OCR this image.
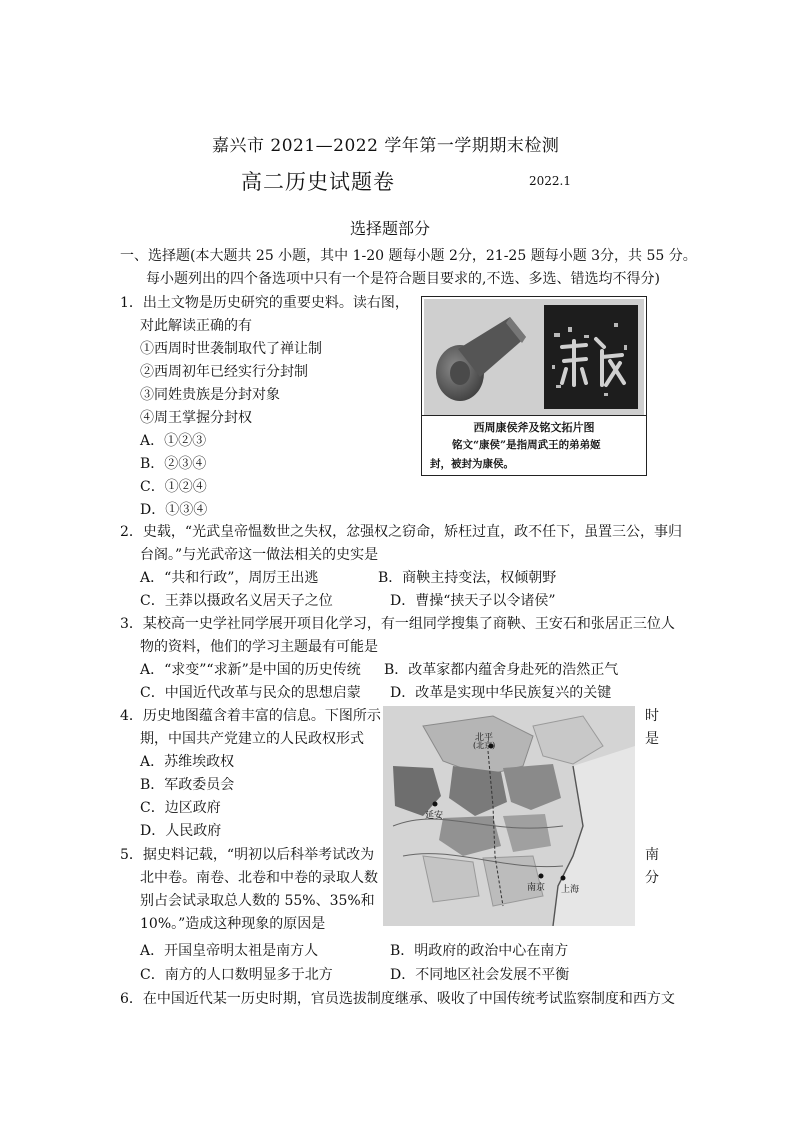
嘉兴市 2021—2022 学年第一学期期末检测
高二历史试题卷	2022.1
选择题部分
一、选择题(本大题共 25 小题，其中 1-20 题每小题 2分，21-25 题每小题 3分，共 55 分。
每小题列出的四个备选项中只有一个是符合题目要求的,不选、多选、错选均不得分)
1．出土文物是历史研究的重要史料。读右图，
对此解读正确的有
①西周时世袭制取代了禅让制
②西周初年已经实行分封制
③同姓贵族是分封对象
④周王掌握分封权
A．①②③
B．②③④
C．①②④
D．①③④
西周康侯斧及铭文拓片图
铭文“康侯”是指周武王的弟弟姬
封，被封为康侯。
2．史载，“光武皇帝愠数世之失权，忿强权之窃命，矫枉过直，政不任下，虽置三公，事归
台阁。”与光武帝这一做法相关的史实是
A．“共和行政”，周厉王出逃	B．商鞅主持变法，权倾朝野
C．王莽以摄政名义居天子之位	D．曹操“挟天子以令诸侯”
3．某校高一史学社同学展开项目化学习，有一组同学搜集了商鞅、王安石和张居正三位人
物的资料，他们的学习主题最有可能是
A．“求变”“求新”是中国的历史传统 B．改革家都内蕴舍身赴死的浩然正气
C．中国近代改革与民众的思想启蒙 D．改革是实现中华民族复兴的关键
4．历史地图蕴含着丰富的信息。下图所示	时
期，中国共产党建立的人民政权形式	是
A．苏维埃政权
B．军政委员会
C．边区政府
D．人民政府
北平
(北京)
延安
南京 上海
5．据史料记载，“明初以后科举考试改为	南
北中卷。南卷、北卷和中卷的录取人数	分
别占会试录取总人数的 55%、35%和
10%。”造成这种现象的原因是
A．开国皇帝明太祖是南方人	B．明政府的政治中心在南方
C．南方的人口数明显多于北方	D．不同地区社会发展不平衡
6．在中国近代某一历史时期，官员选拔制度继承、吸收了中国传统考试监察制度和西方文
